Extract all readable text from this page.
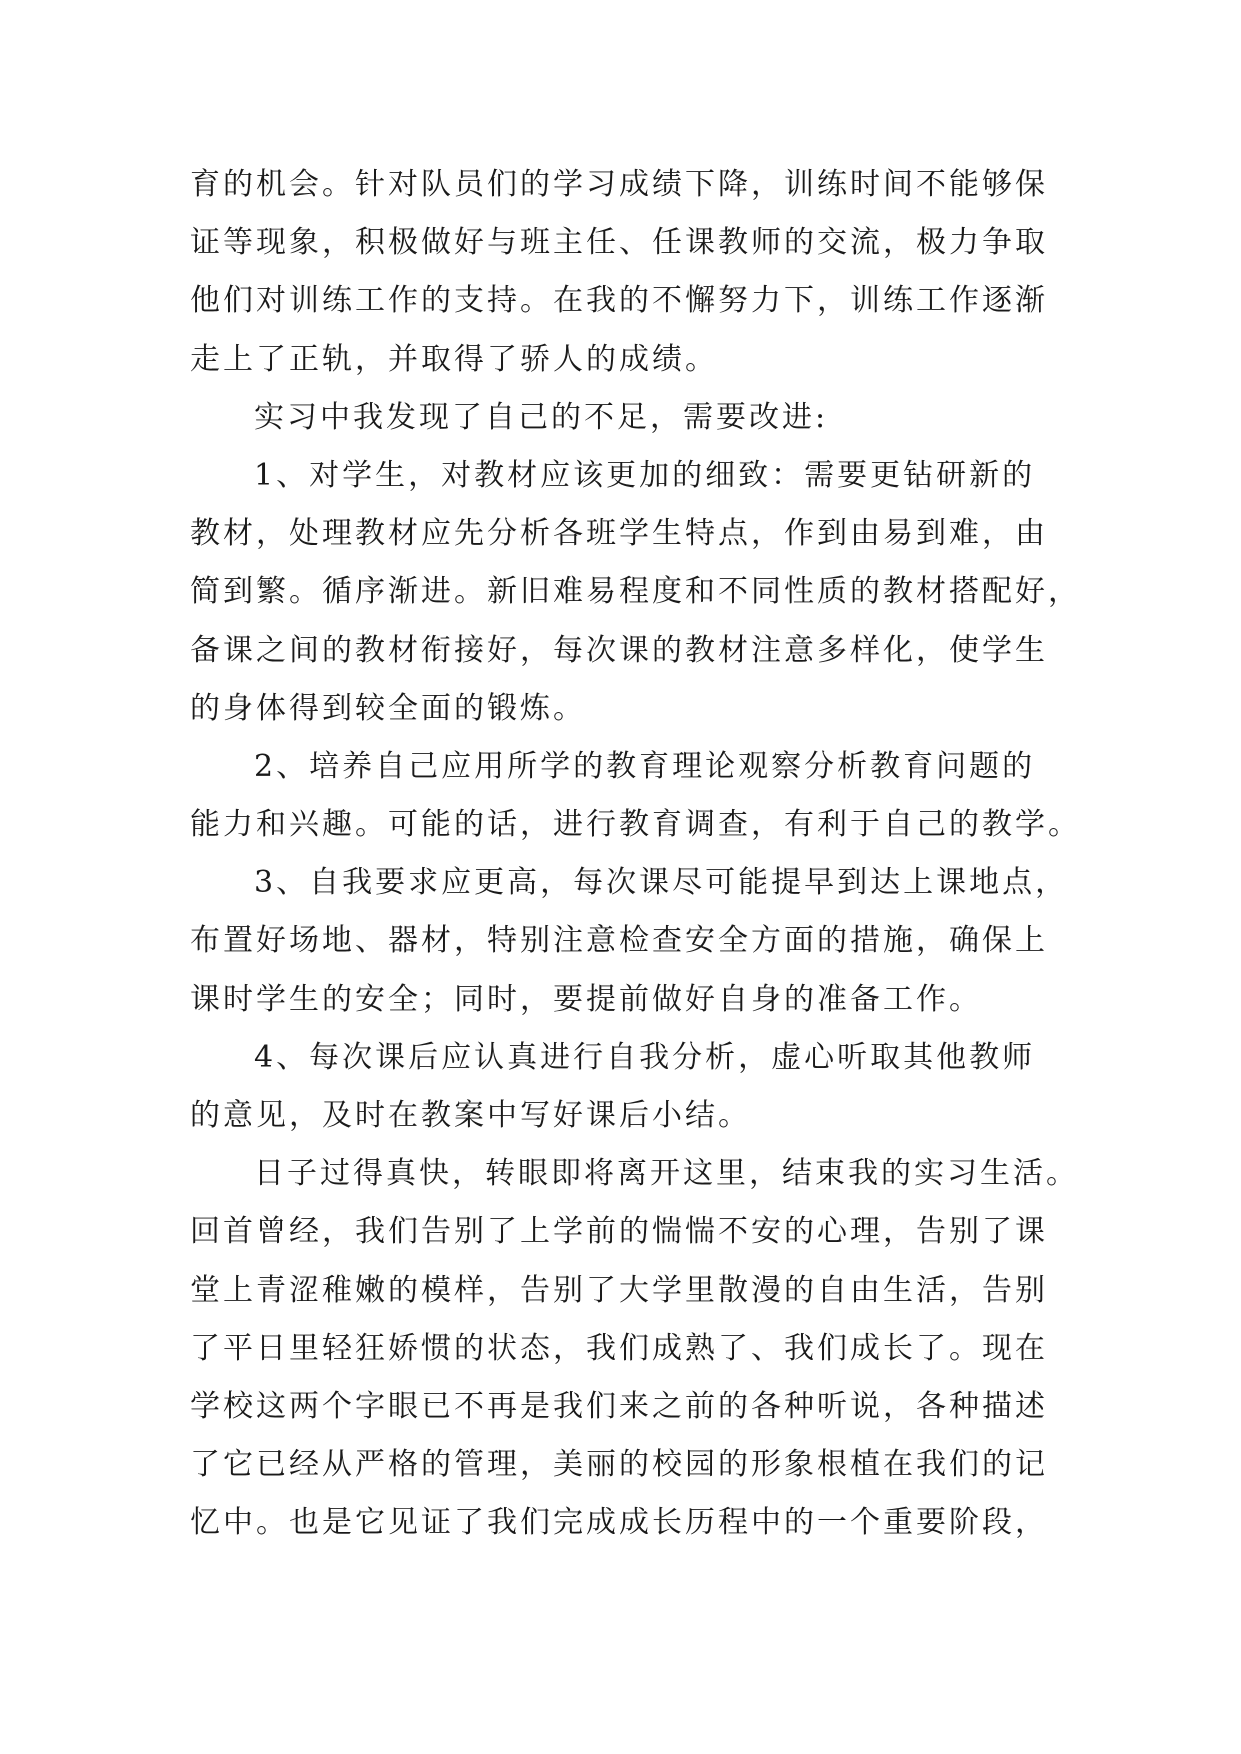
育的机会。针对队员们的学习成绩下降，训练时间不能够保
证等现象，积极做好与班主任、任课教师的交流，极力争取
他们对训练工作的支持。在我的不懈努力下，训练工作逐渐
走上了正轨，并取得了骄人的成绩。
实习中我发现了自己的不足，需要改进:
1、对学生，对教材应该更加的细致：需要更钻研新的
教材，处理教材应先分析各班学生特点，作到由易到难，由
简到繁。循序渐进。新旧难易程度和不同性质的教材搭配好，
备课之间的教材衔接好，每次课的教材注意多样化，使学生
的身体得到较全面的锻炼。
2、培养自己应用所学的教育理论观察分析教育问题的
能力和兴趣。可能的话，进行教育调查，有利于自己的教学。
3、自我要求应更高，每次课尽可能提早到达上课地点，
布置好场地、器材，特别注意检查安全方面的措施，确保上
课时学生的安全；同时，要提前做好自身的准备工作。
4、每次课后应认真进行自我分析，虚心听取其他教师
的意见，及时在教案中写好课后小结。
日子过得真快，转眼即将离开这里，结束我的实习生活。
回首曾经，我们告别了上学前的惴惴不安的心理，告别了课
堂上青涩稚嫩的模样，告别了大学里散漫的自由生活，告别
了平日里轻狂娇惯的状态，我们成熟了、我们成长了。现在
学校这两个字眼已不再是我们来之前的各种听说，各种描述
了它已经从严格的管理，美丽的校园的形象根植在我们的记
忆中。也是它见证了我们完成成长历程中的一个重要阶段，
